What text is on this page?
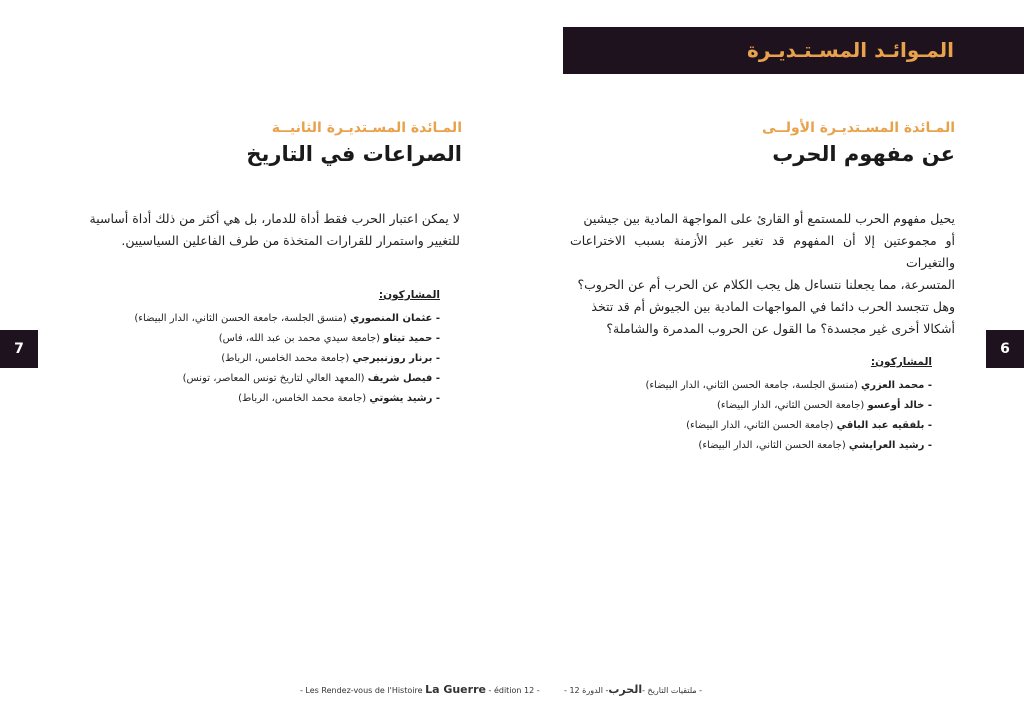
7

المـائدة المسـتديـرة الثانيــة

الصراعات في التاريخ

لا يمكن اعتبار الحرب فقط أداة للدمار، بل هي أكثر من ذلك أداة أساسية
للتغيير واستمرار للقرارات المتخذة من طرف الفاعلين السياسيين.

المشاركون:

- عثمان المنصوري (منسق الجلسة، جامعة الحسن الثاني، الدار البيضاء)
- حميد تيتاو (جامعة سيدي محمد بن عبد الله، فاس)
- برنار روزنبيرجي (جامعة محمد الخامس، الرباط)
- فيصل شريف (المعهد العالي لتاريخ تونس المعاصر، تونس)
- رشيد يشوتي (جامعة محمد الخامس، الرباط)
- Les Rendez-vous de l'Histoire La Guerre - édition 12 -
المـوائـد المسـتـديـرة
6

المـائدة المسـتديـرة الأولــى

عن مفهوم الحرب

يحيل مفهوم الحرب للمستمع أو القارئ على المواجهة المادية بين جيشين
أو مجموعتين إلا أن المفهوم قد تغير عبر الأزمنة بسبب الاختراعات والتغيرات
المتسرعة، مما يجعلنا نتساءل هل يجب الكلام عن الحرب أم عن الحروب؟
وهل تتجسد الحرب دائما في المواجهات المادية بين الجيوش أم قد تتخذ
أشكالا أخرى غير مجسدة؟ ما القول عن الحروب المدمرة والشاملة؟

المشاركون:

- محمد العزري (منسق الجلسة، جامعة الحسن الثاني، الدار البيضاء)
- خالد أوعسو (جامعة الحسن الثاني، الدار البيضاء)
- بلفقيه عبد الباقي (جامعة الحسن الثاني، الدار البيضاء)
- رشيد العرايشي (جامعة الحسن الثاني، الدار البيضاء)
- ملتقيات التاريخ -الحرب- الدورة 12 -
